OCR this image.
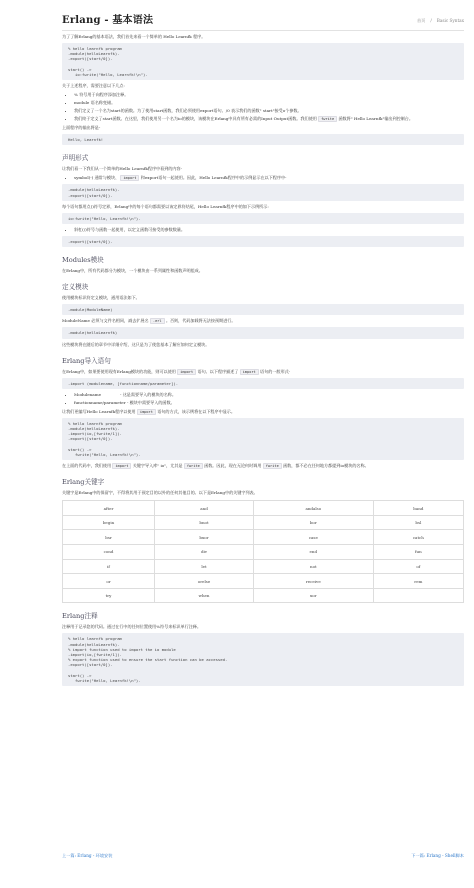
Erlang - 基本语法	首页 / Basic Syntax

为了了解Erlang的基本语法，我们首先来看一个简单的 Hello Learnfk 程序。

% hello learnfk program
-module(helloLearnfk).
-export([start/0]).

start() ->
io:fwrite("Hello, Learnfk!\n").

关于上述程序，需要注意以下几点:

• % 符号用于向程序添加注释。
• module 语名称变储。
• 我们定义了一个名为start的函数。为了使用start函数，我们必须使用export语句。/0 表示我们的函数" start"接受o个参数。
• 我们终于定义了start函数。在这里，我们使用另一个名为io的模块，该模块在Erlang中具有所有必需的Input Output函数。我们使用 fwrite 函数将" Hello Learnfk"输出到控制台。

上面程序的输出将是-

Hello, Learnfk!
声明形式

让我们看一下我们从一个简单的Hello Learnfk程序中看到的内容-

• symbol(-) 通常与模块、 import 和export语句一起使用。因此，Hello Learnfk程序中的示例显示在以下程序中-
-module(helloLearnfk).
-export([start/0]).

每个语句都用点()符号定界，Erlang中的每个语句都需要以该定界符结尾，Hello Learnfk程序中的如下示例所示:

io:fwrite("Hello, Learnfk!\n").
• 斜杠(/)符号与函数一起使用，以定义函数可接受的参数数量。
-export([start/0]).
Modules模块

在Erlang中，所有代码都分为模块，一个模块由一系列属性和函数声明组成。

定义模块

使用模块标识符定义模块，通用语法如下。

-module(ModuleName)

ModuleName 必须与文件名相同，减去扩展名 .erl 。否则，代码加载将无法按预期进行。

-module(helloLearnfk)

这些模块将在随后的章节中详细介绍，这只是为了使您基本了解应如何定义模块。

Erlang导入语句

在Erlang中，如果要使用现有Erlang模块的功能，则可以使用 import 语句。以下程序描述了 import 语句的一般形式-

-import (modulename, [functionname/parameter]).
• Modulename 　　　　 - 这是需要导入的模块的名称。
• functionname/parameter - 模块中需要导入的函数。

让我们更编写Hello Learnfk程序以使用 import 语句的方式，该示例将在以下程序中显示。

% hello learnfk program
-module(helloLearnfk).
-import(io,[fwrite/1]).
-export([start/0]).

start() ->
fwrite("Hello, Learnfk!\n").

在上面的代码中，我们使用 import 关键字导入库" io"，尤其是 fwrite 函数。因此，现在无论何时调用 fwrite 函数，都不必在任何地方都提到io模块的名称。

Erlang关键字

关键字是Erlang中的保留字，不得将其用于预定目的以外的任何其他目的。以下是Erlang中的关键字列表。

after	and	andalso	band
begin	bnot	bor	bsl
bsr	bxor	case	catch
cond	div	end	fun
if	let	not	of
or	orelse	receive	rem
try	when	xor	
Erlang注释

注释用于记录您的代码。通过在行中的任何位置使用%符号来标识单行注释。

% hello learnfk program
-module(helloLearnfk).
% import function used to import the io module
-import(io,[fwrite/1]).
% export function used to ensure the start function can be accessed.
-export([start/0]).

start() ->
fwrite("Hello, Learnfk!\n").
上一篇: Erlang - 环境安装	下一篇: Erlang - Shell脚本
